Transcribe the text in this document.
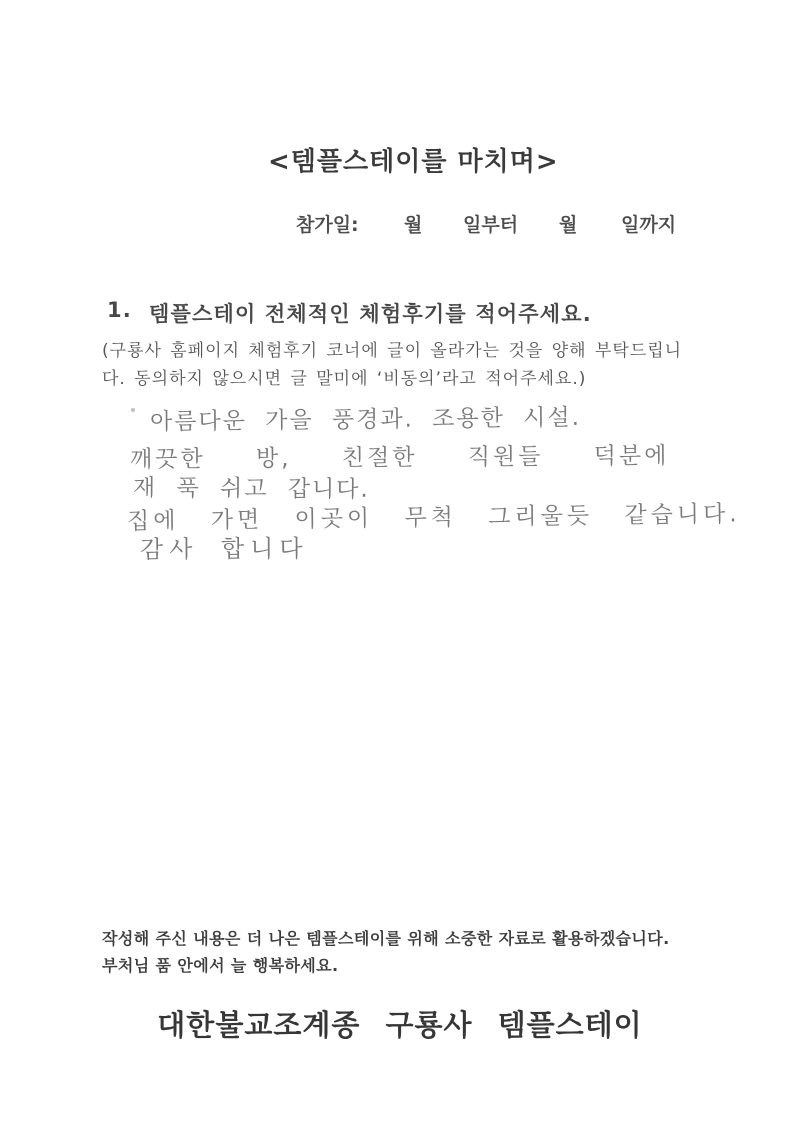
<템플스테이를 마치며>
참가일: 월 일부터 월 일까지
1. 템플스테이 전체적인 체험후기를 적어주세요.
(구룡사 홈페이지 체험후기 코너에 글이 올라가는 것을 양해 부탁드립니
다. 동의하지 않으시면 글 말미에 ‘비동의’라고 적어주세요.)
아름다운 가을 풍경과. 조용한 시설.
깨끗한 방, 친절한 직원들 덕분에
재 푹 쉬고 갑니다.
집에 가면 이곳이 무척 그리울듯 같습니다.
감사 합니다
작성해 주신 내용은 더 나은 템플스테이를 위해 소중한 자료로 활용하겠습니다.
부처님 품 안에서 늘 행복하세요.
대한불교조계종 구룡사 템플스테이
